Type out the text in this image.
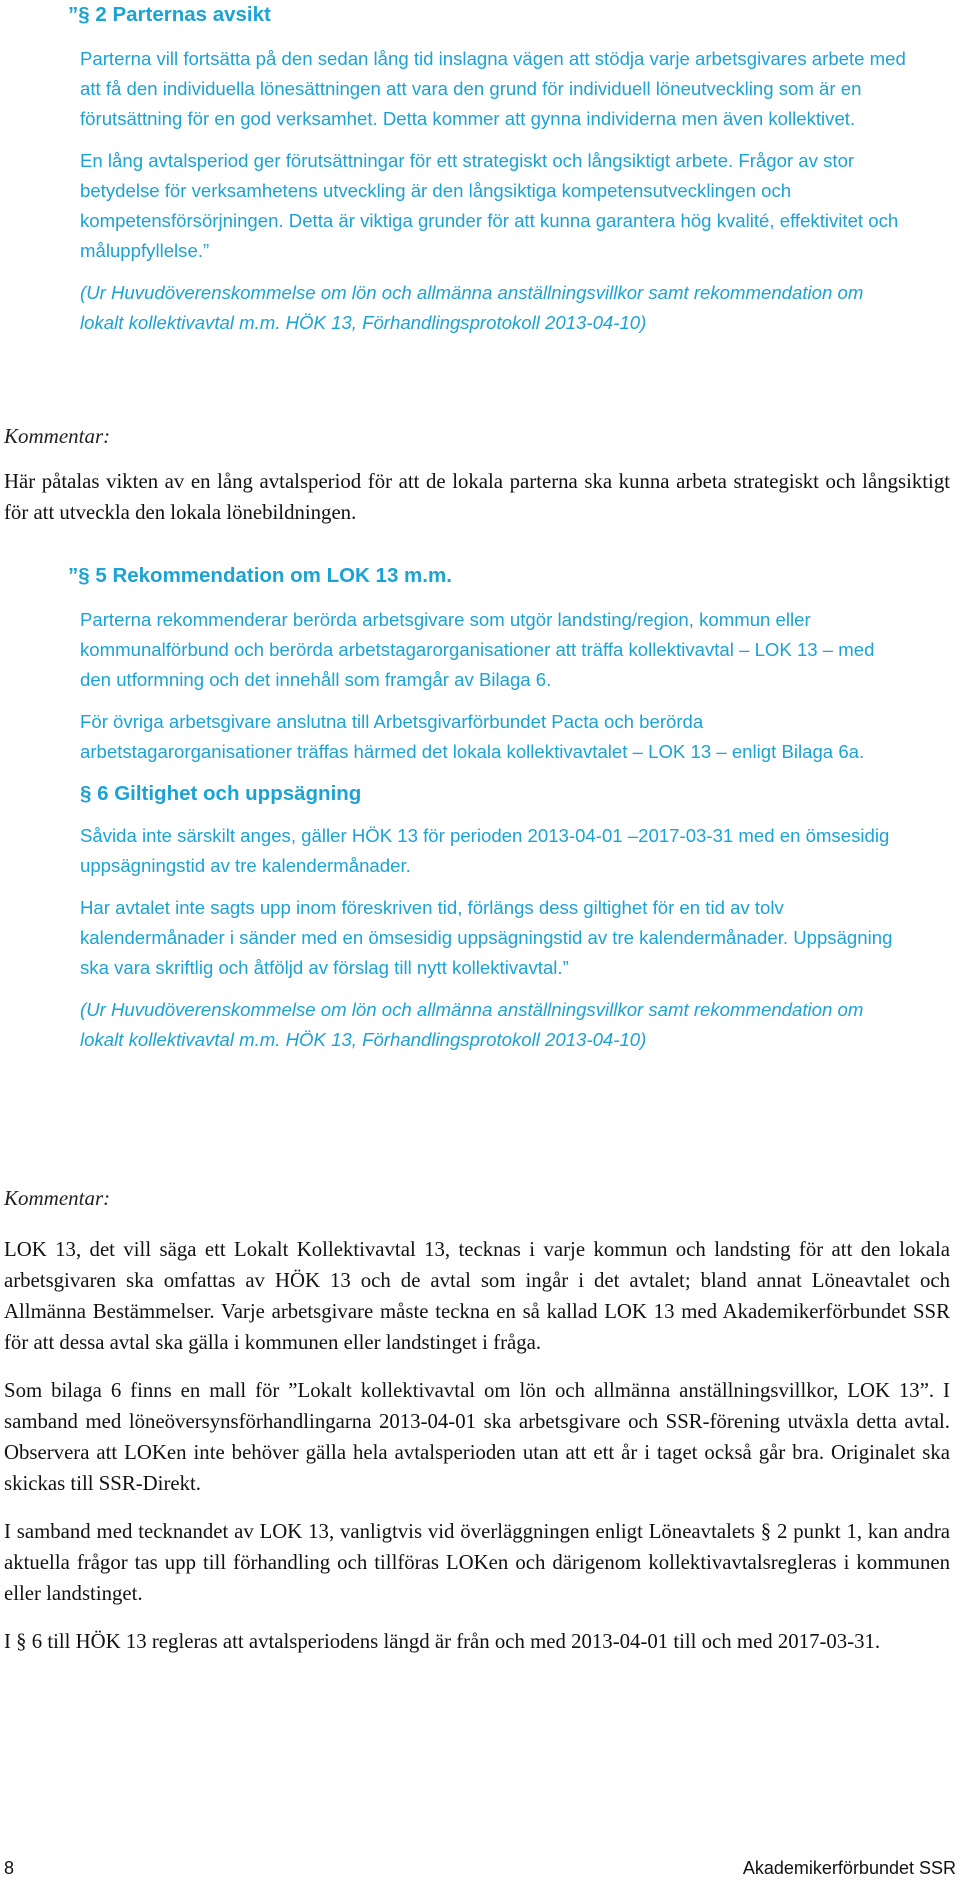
”§ 2 Parternas avsikt

Parterna vill fortsätta på den sedan lång tid inslagna vägen att stödja varje arbetsgivares arbete med att få den individuella lönesättningen att vara den grund för individuell löneutveckling som är en förutsättning för en god verksamhet. Detta kommer att gynna individerna men även kollektivet.

En lång avtalsperiod ger förutsättningar för ett strategiskt och långsiktigt arbete. Frågor av stor betydelse för verksamhetens utveckling är den långsiktiga kompetensutvecklingen och kompetensförsörjningen. Detta är viktiga grunder för att kunna garantera hög kvalité, effektivitet och måluppfyllelse.”

(Ur Huvudöverenskommelse om lön och allmänna anställningsvillkor samt rekommendation om lokalt kollektivavtal m.m. HÖK 13, Förhandlingsprotokoll 2013-04-10)

Kommentar:

Här påtalas vikten av en lång avtalsperiod för att de lokala parterna ska kunna arbeta strategiskt och långsiktigt för att utveckla den lokala lönebildningen.

”§ 5 Rekommendation om LOK 13 m.m.

Parterna rekommenderar berörda arbetsgivare som utgör landsting/region, kommun eller kommunalförbund och berörda arbetstagarorganisationer att träffa kollektivavtal – LOK 13 – med den utformning och det innehåll som framgår av Bilaga 6.

För övriga arbetsgivare anslutna till Arbetsgivarförbundet Pacta och berörda arbetstagarorganisationer träffas härmed det lokala kollektivavtalet – LOK 13 – enligt Bilaga 6a.

§ 6 Giltighet och uppsägning

Såvida inte särskilt anges, gäller HÖK 13 för perioden 2013-04-01 –2017-03-31 med en ömsesidig uppsägningstid av tre kalendermånader.

Har avtalet inte sagts upp inom föreskriven tid, förlängs dess giltighet för en tid av tolv kalendermånader i sänder med en ömsesidig uppsägningstid av tre kalendermånader. Uppsägning ska vara skriftlig och åtföljd av förslag till nytt kollektivavtal.”

(Ur Huvudöverenskommelse om lön och allmänna anställningsvillkor samt rekommendation om lokalt kollektivavtal m.m. HÖK 13, Förhandlingsprotokoll 2013-04-10)

Kommentar:

LOK 13, det vill säga ett Lokalt Kollektivavtal 13, tecknas i varje kommun och landsting för att den lokala arbetsgivaren ska omfattas av HÖK 13 och de avtal som ingår i det avtalet; bland annat Löneavtalet och Allmänna Bestämmelser. Varje arbetsgivare måste teckna en så kallad LOK 13 med Akademikerförbundet SSR för att dessa avtal ska gälla i kommunen eller landstinget i fråga.

Som bilaga 6 finns en mall för ”Lokalt kollektivavtal om lön och allmänna anställningsvillkor, LOK 13”. I samband med löneöversynsförhandlingarna 2013-04-01 ska arbetsgivare och SSR-förening utväxla detta avtal. Observera att LOKen inte behöver gälla hela avtalsperioden utan att ett år i taget också går bra. Originalet ska skickas till SSR-Direkt.

I samband med tecknandet av LOK 13, vanligtvis vid överläggningen enligt Löneavtalets § 2 punkt 1, kan andra aktuella frågor tas upp till förhandling och tillföras LOKen och därigenom kollektivavtalsregleras i kommunen eller landstinget.

I § 6 till HÖK 13 regleras att avtalsperiodens längd är från och med 2013-04-01 till och med 2017-03-31.

8	Akademikerförbundet SSR
